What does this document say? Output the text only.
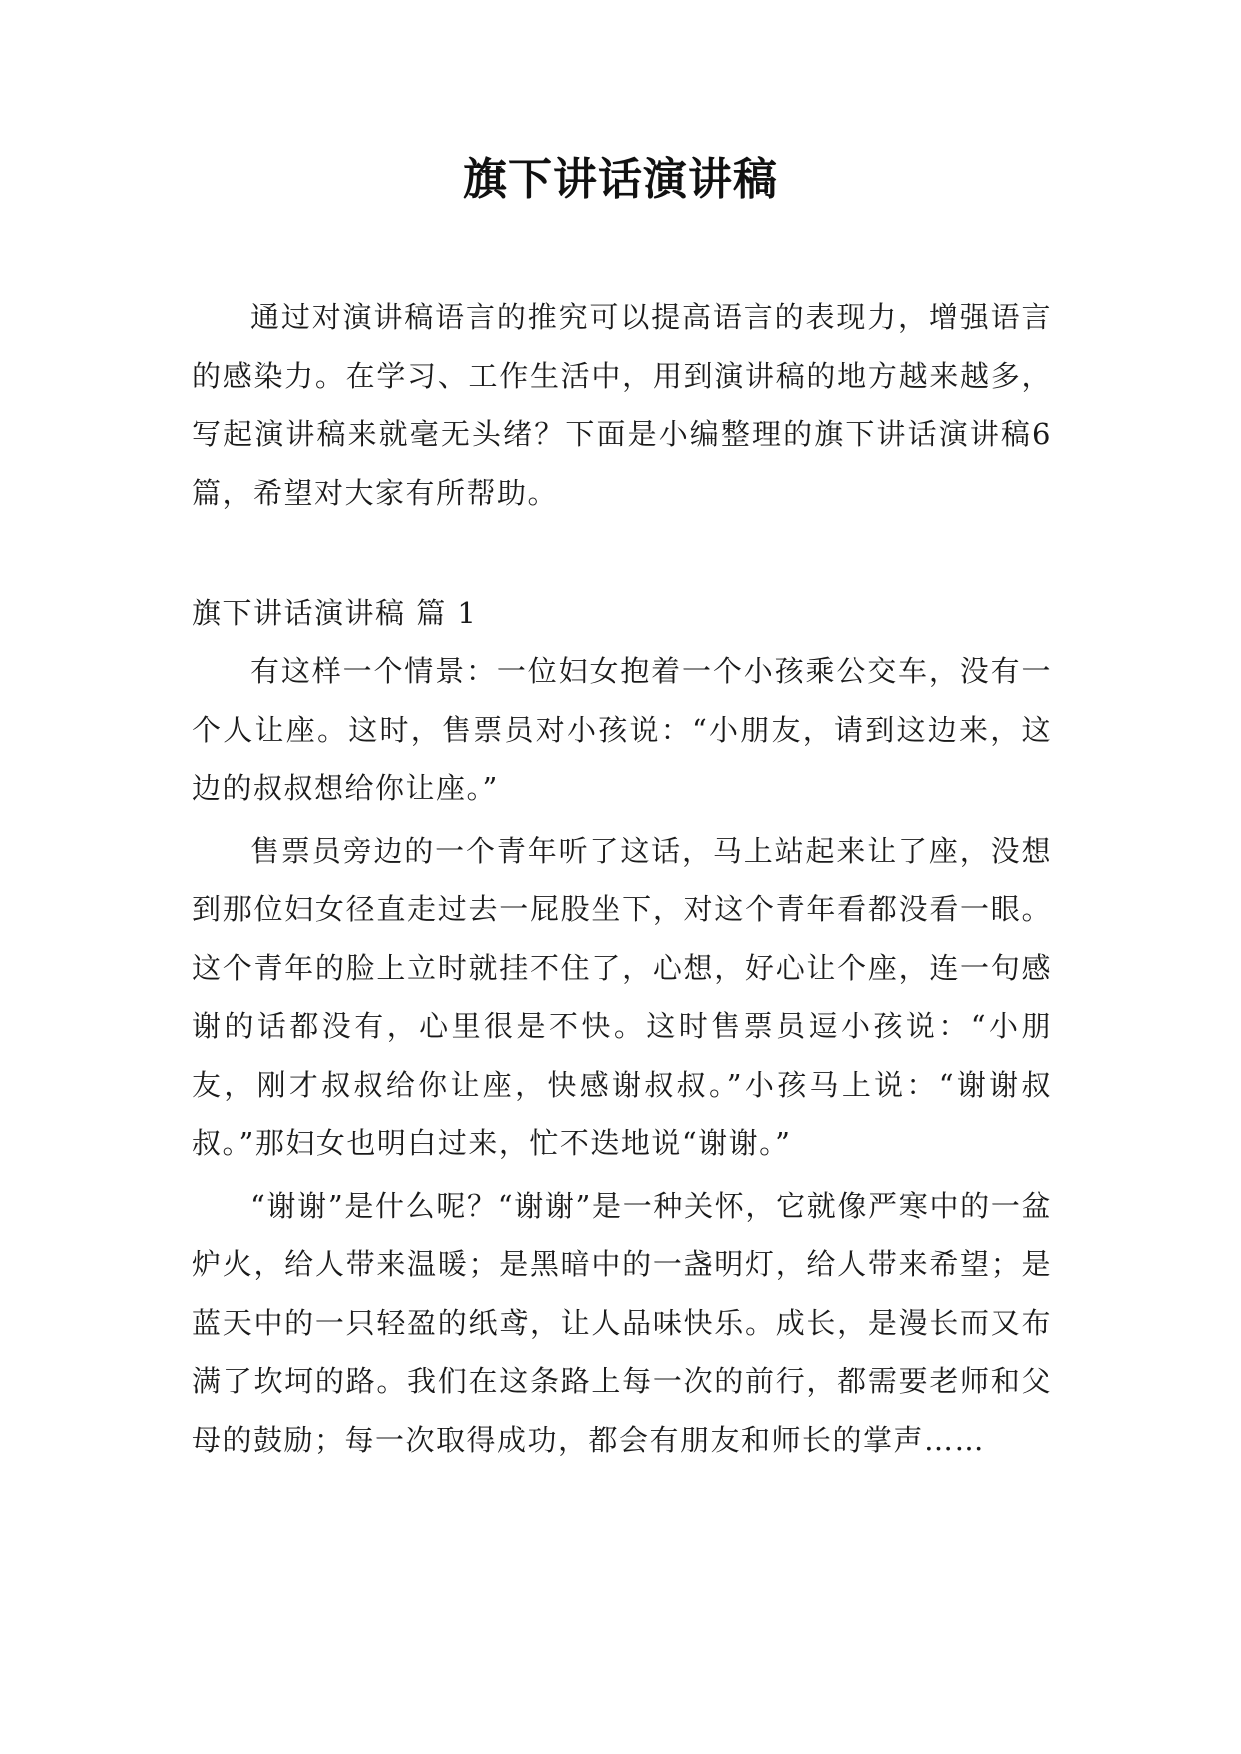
旗下讲话演讲稿

通过对演讲稿语言的推究可以提高语言的表现力，增强语言的感染力。在学习、工作生活中，用到演讲稿的地方越来越多，写起演讲稿来就毫无头绪？下面是小编整理的旗下讲话演讲稿6篇，希望对大家有所帮助。

旗下讲话演讲稿 篇 1

有这样一个情景：一位妇女抱着一个小孩乘公交车，没有一个人让座。这时，售票员对小孩说：“小朋友，请到这边来，这边的叔叔想给你让座。”

售票员旁边的一个青年听了这话，马上站起来让了座，没想到那位妇女径直走过去一屁股坐下，对这个青年看都没看一眼。这个青年的脸上立时就挂不住了，心想，好心让个座，连一句感谢的话都没有，心里很是不快。这时售票员逗小孩说：“小朋友，刚才叔叔给你让座，快感谢叔叔。”小孩马上说：“谢谢叔叔。”那妇女也明白过来，忙不迭地说“谢谢。”

“谢谢”是什么呢？“谢谢”是一种关怀，它就像严寒中的一盆炉火，给人带来温暖；是黑暗中的一盏明灯，给人带来希望；是蓝天中的一只轻盈的纸鸢，让人品味快乐。成长，是漫长而又布满了坎坷的路。我们在这条路上每一次的前行，都需要老师和父母的鼓励；每一次取得成功，都会有朋友和师长的掌声……
